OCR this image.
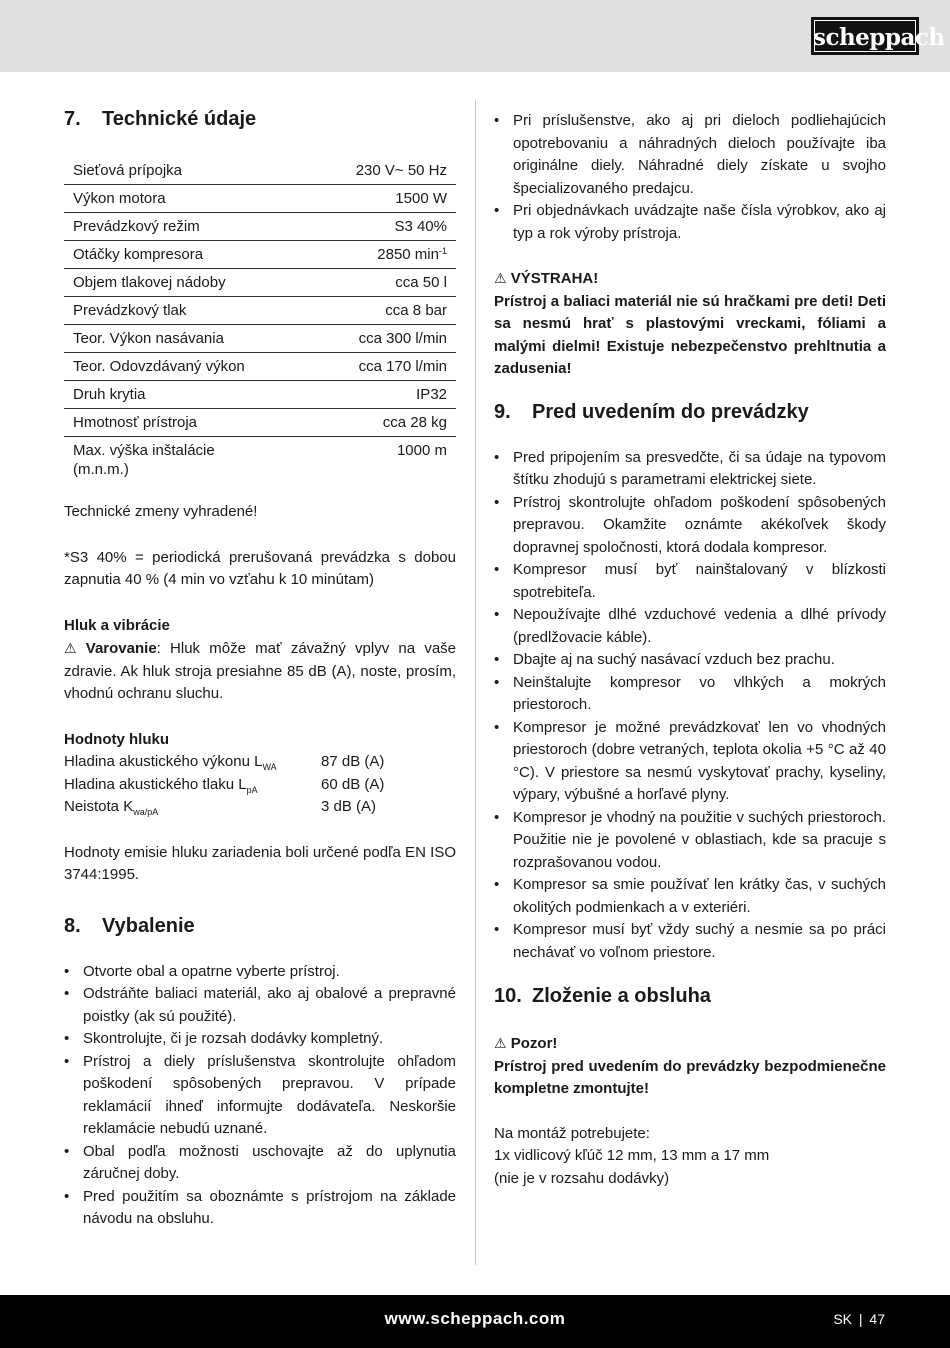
scheppach
7.	Technické údaje
Sieťová prípojka	230 V~ 50 Hz
Výkon motora	1500 W
Prevádzkový režim	S3 40%
Otáčky kompresora	2850 $\min^{-1}$
Objem tlakovej nádoby	cca 50 l
Prevádzkový tlak	cca 8 bar
Teor. Výkon nasávania	cca 300 l/min
Teor. Odovzdávaný výkon	cca 170 l/min
Druh krytia	IP32
Hmotnosť prístroja	cca 28 kg
Max. výška inštalácie (m.n.m.)	1000 m

Technické zmeny vyhradené!

*S3 40% = periodická prerušovaná prevádzka s dobou zapnutia 40 % (4 min vo vzťahu k 10 minútam)

Hluk a vibrácie

⚠ Varovanie: Hluk môže mať závažný vplyv na vaše zdravie. Ak hluk stroja presiahne 85 dB (A), noste, prosím, vhodnú ochranu sluchu.

Hodnoty hluku

Hladina akustického výkonu $L_{WA}$	87 dB (A)
Hladina akustického tlaku $L_{pA}$	60 dB (A)
Neistota $K_{wa/pA}$	3 dB (A)

Hodnoty emisie hluku zariadenia boli určené podľa EN ISO 3744:1995.

8.	Vybalenie
• Otvorte obal a opatrne vyberte prístroj.
• Odstráňte baliaci materiál, ako aj obalové a prepravné poistky (ak sú použité).
• Skontrolujte, či je rozsah dodávky kompletný.
• Prístroj a diely príslušenstva skontrolujte ohľadom poškodení spôsobených prepravou. V prípade reklamácií ihneď informujte dodávateľa. Neskoršie reklamácie nebudú uznané.
• Obal podľa možnosti uschovajte až do uplynutia záručnej doby.
• Pred použitím sa oboznámte s prístrojom na základe návodu na obsluhu.
• Pri príslušenstve, ako aj pri dieloch podliehajúcich opotrebovaniu a náhradných dieloch používajte iba originálne diely. Náhradné diely získate u svojho špecializovaného predajcu.
• Pri objednávkach uvádzajte naše čísla výrobkov, ako aj typ a rok výroby prístroja.

⚠ VÝSTRAHA!

Prístroj a baliaci materiál nie sú hračkami pre deti! Deti sa nesmú hrať s plastovými vreckami, fóliami a malými dielmi! Existuje nebezpečenstvo prehltnutia a zadusenia!

9.	Pred uvedením do prevádzky
• Pred pripojením sa presvedčte, či sa údaje na typovom štítku zhodujú s parametrami elektrickej siete.
• Prístroj skontrolujte ohľadom poškodení spôsobených prepravou. Okamžite oznámte akékoľvek škody dopravnej spoločnosti, ktorá dodala kompresor.
• Kompresor musí byť nainštalovaný v blízkosti spotrebiteľa.
• Nepoužívajte dlhé vzduchové vedenia a dlhé prívody (predlžovacie káble).
• Dbajte aj na suchý nasávací vzduch bez prachu.
• Neinštalujte kompresor vo vlhkých a mokrých priestoroch.
• Kompresor je možné prevádzkovať len vo vhodných priestoroch (dobre vetraných, teplota okolia +5 °C až 40 °C). V priestore sa nesmú vyskytovať prachy, kyseliny, výpary, výbušné a horľavé plyny.
• Kompresor je vhodný na použitie v suchých priestoroch. Použitie nie je povolené v oblastiach, kde sa pracuje s rozprašovanou vodou.
• Kompresor sa smie používať len krátky čas, v suchých okolitých podmienkach a v exteriéri.
• Kompresor musí byť vždy suchý a nesmie sa po práci nechávať vo voľnom priestore.
10. Zloženie a obsluha

⚠ Pozor!

Prístroj pred uvedením do prevádzky bezpodmienečne kompletne zmontujte!

Na montáž potrebujete:

1x vidlicový kľúč 12 mm, 13 mm a 17 mm

(nie je v rozsahu dodávky)

www.scheppach.com	SK | 47
